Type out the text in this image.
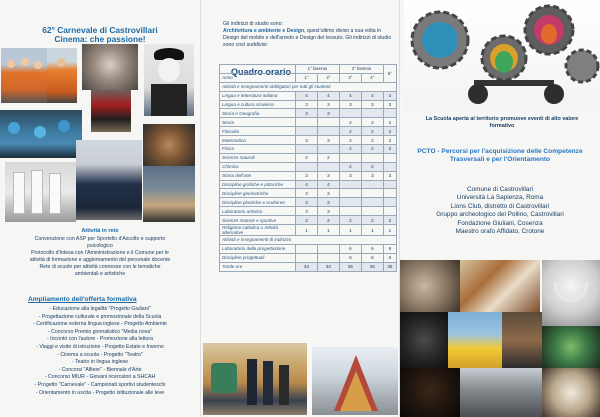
62° Carnevale di Castrovillari
Cinema: che passione!
Attività in rete
Convenzione con ASP per Sportello d'Ascolto e supporto
psicologico
Protocollo d'Intesa con l'Amministrazione e il Comune per le
attività di formazione e aggiornamento del personale docente
Rete di scuole per attività connesse con le tematiche
ambientali e artistiche
Ampliamento dell'offerta formativa
- Educazione alla legalità "Progetto Giuliani"
- Progettazione culturale e promozionale della Scuola
- Certificazione esterna lingua inglese - Progetto Ambiente
- Concorso Premio giornalistico "Media nova"
- Incontri con l'autore - Promozione alla lettura
- Viaggi e visite di istruzione - Progetto Estate e Inverno
- Cinema a scuola - Progetto "Teatro"
- Teatro in lingua inglese
- Concorsi "Alfiere" - Biennale d'Arte
- Concorso MIUR - Giovani ricercatori a SHCAH
- Progetto "Carnevale" - Campionati sportivi studenteschi
- Orientamento in uscita - Progetto istituzionale alle leve
Gli indirizzi di studio sono:
Architettura e ambiente e Design, quest'ultimo diviso a sua volta in Design del mobile e dell'arredo e Design del tessuto. Gli indirizzi di studio sono così suddivisi:
Quadro orario
		1° biennio		2° biennio		5°
Anno	1°	2°	3°	4°	
Attività e insegnamenti obbligatori per tutti gli studenti					
Lingua e letteratura italiana	4	4	4	4	4
Lingua e cultura straniera	3	3	3	3	3
Storia e Geografia	3	3			
Storia			2	2	2
Filosofia			2	2	2
Matematica	3	3	2	2	2
Fisica			2	2	2
Scienze naturali	2	2			
Chimica			2	2	
Storia dell'arte	3	3	3	3	3
Discipline grafiche e pittoriche	4	4			
Discipline geometriche	3	3			
Discipline plastiche e scultoree	3	3			
Laboratorio artistico	3	3			
Scienze motorie e sportive	2	2	2	2	2
Religione cattolica o Attività alternative	1	1	1	1	1
Attività e insegnamenti di indirizzo					
Laboratorio della progettazione			6	6	8
Discipline progettuali			6	6	6
Totale ore	34	34	35	35	35
La Scuola aperta al territorio promuove eventi di alto valore formativo
PCTO - Percorsi per l'acquisizione delle Competenze Trasversali e per l'Orientamento
Comune di Castrovillari
Università La Sapienza, Roma
Lions Club, distretto di Castrovillari
Gruppo archeologico del Pollino, Castrovillari
Fondazione Giuliani, Cosenza
Maestro orafo Affidato, Crotone
